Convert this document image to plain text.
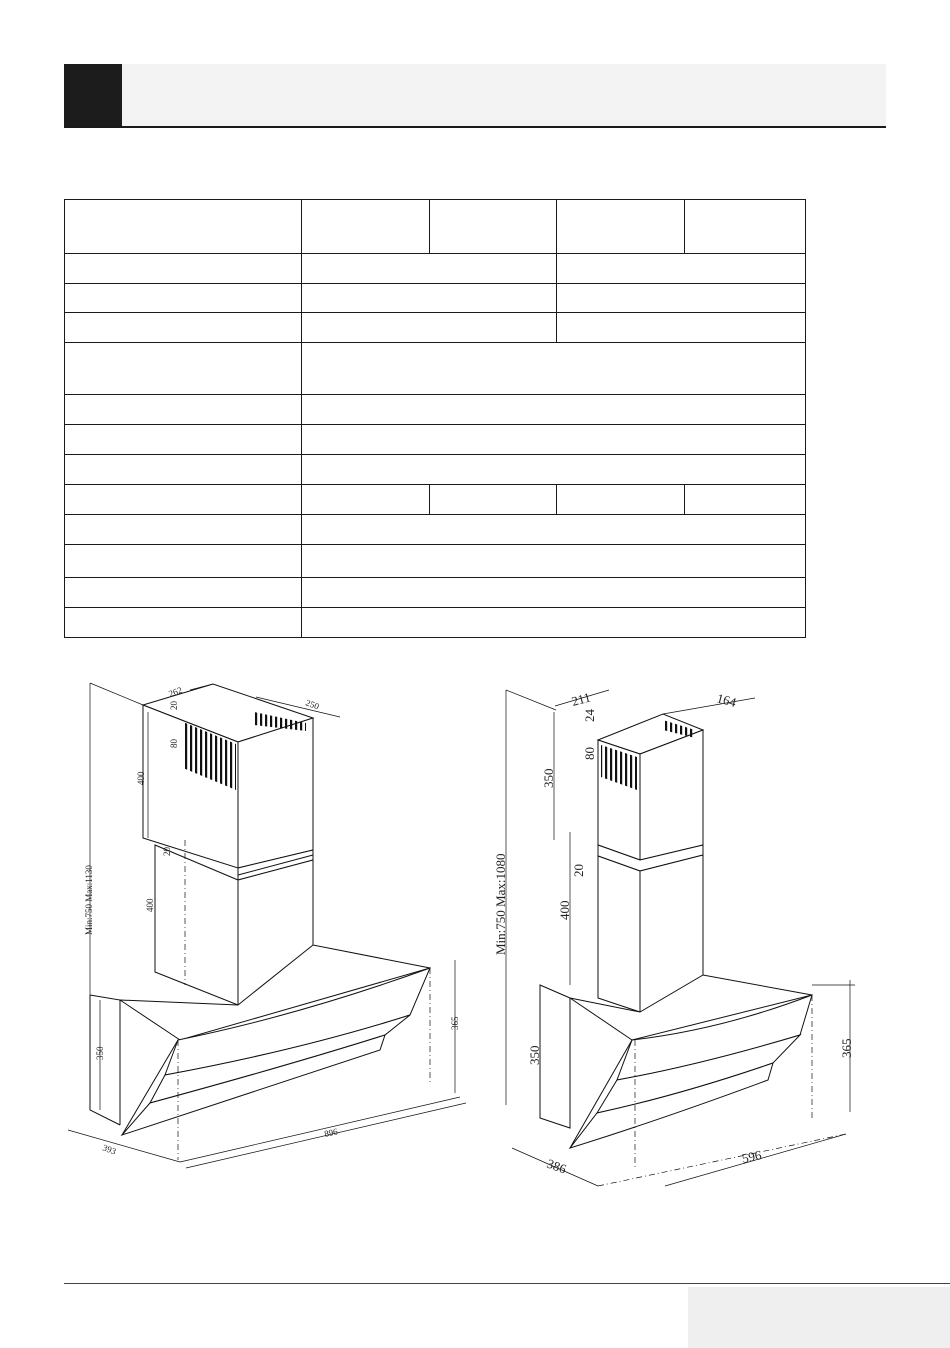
262
250
20
80
400
20
400
Min:750 Max:1130
350
365
393
896
211	164
24
80
350
20
400
Min:750 Max:1080
350	365
386	596
